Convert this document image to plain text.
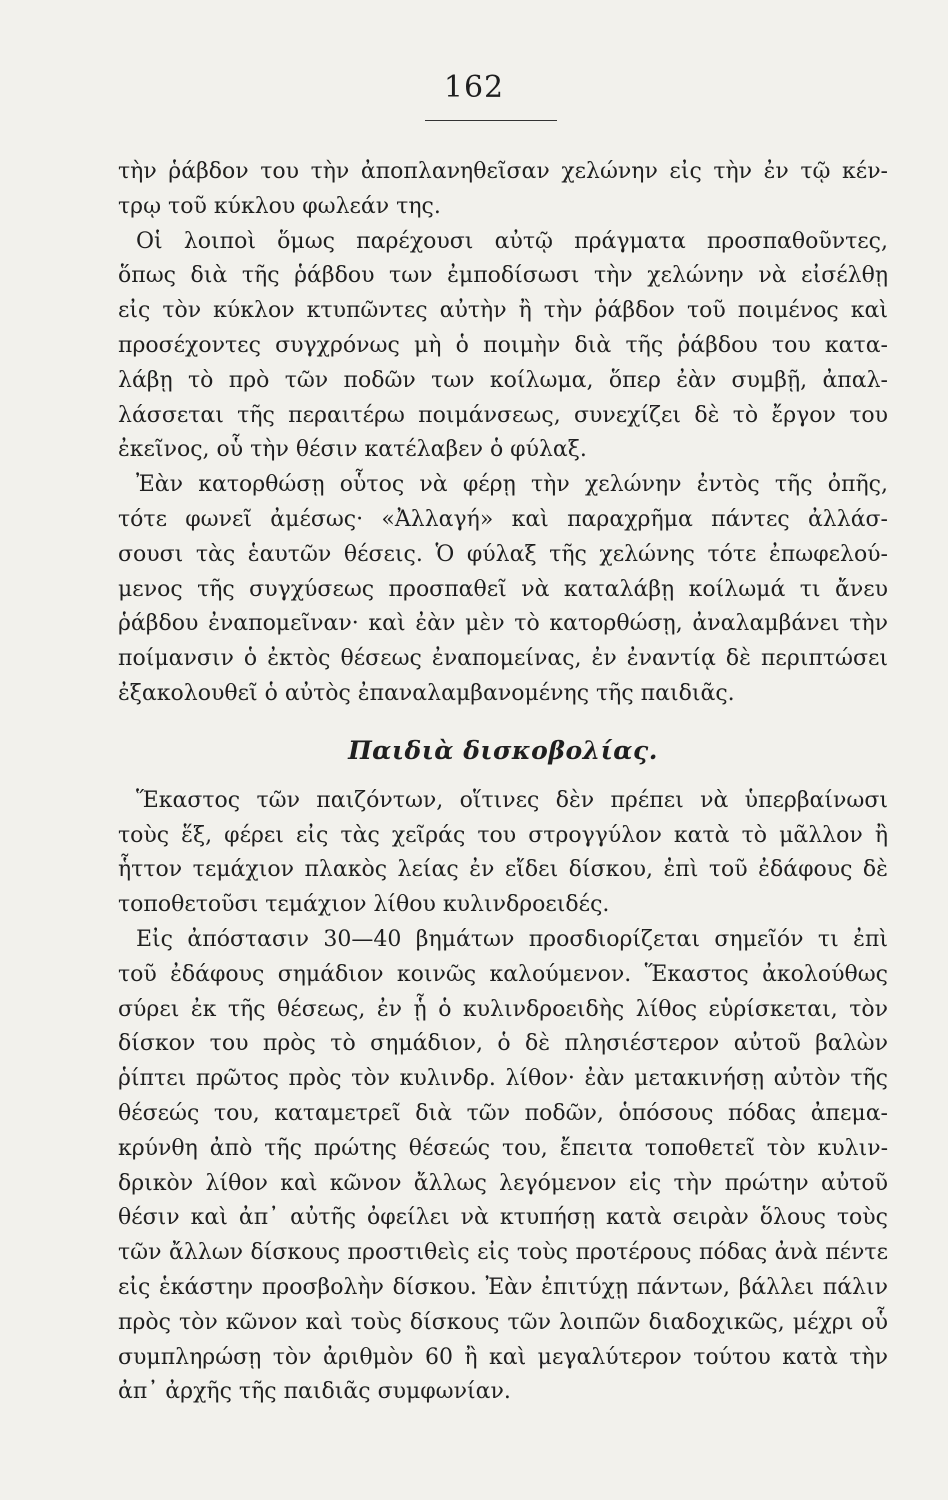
162
τὴν ῥάβδον του τὴν ἀποπλανηθεῖσαν χελώνην εἰς τὴν ἐν τῷ κέν-
τρῳ τοῦ κύκλου φωλεάν της.
Οἱ λοιποὶ ὅμως παρέχουσι αὐτῷ πράγματα προσπαθοῦντες,
ὅπως διὰ τῆς ῥάβδου των ἐμποδίσωσι τὴν χελώνην νὰ εἰσέλθῃ
εἰς τὸν κύκλον κτυπῶντες αὐτὴν ἢ τὴν ῥάβδον τοῦ ποιμένος καὶ
προσέχοντες συγχρόνως μὴ ὁ ποιμὴν διὰ τῆς ῥάβδου του κατα-
λάβῃ τὸ πρὸ τῶν ποδῶν των κοίλωμα, ὅπερ ἐὰν συμβῇ, ἀπαλ-
λάσσεται τῆς περαιτέρω ποιμάνσεως, συνεχίζει δὲ τὸ ἔργον του
ἐκεῖνος, οὗ τὴν θέσιν κατέλαβεν ὁ φύλαξ.
Ἐὰν κατορθώσῃ οὗτος νὰ φέρῃ τὴν χελώνην ἐντὸς τῆς ὀπῆς,
τότε φωνεῖ ἀμέσως· «Ἀλλαγή» καὶ παραχρῆμα πάντες ἀλλάσ-
σουσι τὰς ἑαυτῶν θέσεις. Ὁ φύλαξ τῆς χελώνης τότε ἐπωφελού-
μενος τῆς συγχύσεως προσπαθεῖ νὰ καταλάβῃ κοίλωμά τι ἄνευ
ῥάβδου ἐναπομεῖναν· καὶ ἐὰν μὲν τὸ κατορθώσῃ, ἀναλαμβάνει τὴν
ποίμανσιν ὁ ἐκτὸς θέσεως ἐναπομείνας, ἐν ἐναντίᾳ δὲ περιπτώσει
ἐξακολουθεῖ ὁ αὐτὸς ἐπαναλαμβανομένης τῆς παιδιᾶς.
Παιδιὰ δισκοβολίας.
Ἕκαστος τῶν παιζόντων, οἵτινες δὲν πρέπει νὰ ὑπερβαίνωσι
τοὺς ἕξ, φέρει εἰς τὰς χεῖράς του στρογγύλον κατὰ τὸ μᾶλλον ἢ
ἧττον τεμάχιον πλακὸς λείας ἐν εἴδει δίσκου, ἐπὶ τοῦ ἐδάφους δὲ
τοποθετοῦσι τεμάχιον λίθου κυλινδροειδές.
Εἰς ἀπόστασιν 30—40 βημάτων προσδιορίζεται σημεῖόν τι ἐπὶ
τοῦ ἐδάφους σημάδιον κοινῶς καλούμενον. Ἕκαστος ἀκολούθως
σύρει ἐκ τῆς θέσεως, ἐν ᾗ ὁ κυλινδροειδὴς λίθος εὑρίσκεται, τὸν
δίσκον του πρὸς τὸ σημάδιον, ὁ δὲ πλησιέστερον αὐτοῦ βαλὼν
ῥίπτει πρῶτος πρὸς τὸν κυλινδρ. λίθον· ἐὰν μετακινήσῃ αὐτὸν τῆς
θέσεώς του, καταμετρεῖ διὰ τῶν ποδῶν, ὁπόσους πόδας ἀπεμα-
κρύνθη ἀπὸ τῆς πρώτης θέσεώς του, ἔπειτα τοποθετεῖ τὸν κυλιν-
δρικὸν λίθον καὶ κῶνον ἄλλως λεγόμενον εἰς τὴν πρώτην αὐτοῦ
θέσιν καὶ ἀπ᾽ αὐτῆς ὀφείλει νὰ κτυπήσῃ κατὰ σειρὰν ὅλους τοὺς
τῶν ἄλλων δίσκους προστιθεὶς εἰς τοὺς προτέρους πόδας ἀνὰ πέντε
εἰς ἑκάστην προσβολὴν δίσκου. Ἐὰν ἐπιτύχῃ πάντων, βάλλει πάλιν
πρὸς τὸν κῶνον καὶ τοὺς δίσκους τῶν λοιπῶν διαδοχικῶς, μέχρι οὗ
συμπληρώσῃ τὸν ἀριθμὸν 60 ἢ καὶ μεγαλύτερον τούτου κατὰ τὴν
ἀπ᾽ ἀρχῆς τῆς παιδιᾶς συμφωνίαν.
